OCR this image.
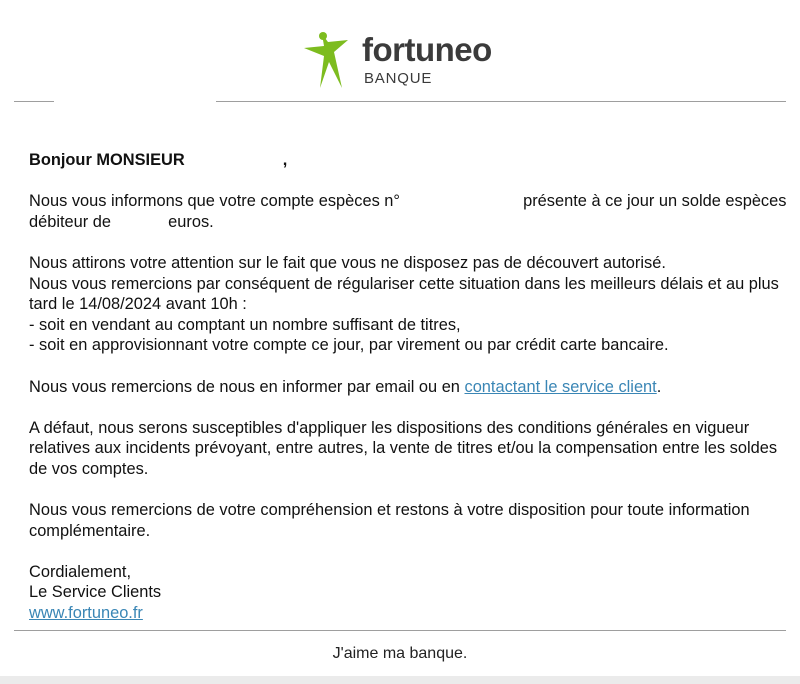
fortuneo
BANQUE

Bonjour MONSIEUR	,

Nous vous informons que votre compte espèces n°	présente à ce jour un solde espèces débiteur de	euros.

Nous attirons votre attention sur le fait que vous ne disposez pas de découvert autorisé.

Nous vous remercions par conséquent de régulariser cette situation dans les meilleurs délais et au plus tard le 14/08/2024 avant 10h :

- soit en vendant au comptant un nombre suffisant de titres,

- soit en approvisionnant votre compte ce jour, par virement ou par crédit carte bancaire.

Nous vous remercions de nous en informer par email ou en contactant le service client.

A défaut, nous serons susceptibles d'appliquer les dispositions des conditions générales en vigueur relatives aux incidents prévoyant, entre autres, la vente de titres et/ou la compensation entre les soldes de vos comptes.

Nous vous remercions de votre compréhension et restons à votre disposition pour toute information complémentaire.

Cordialement,

Le Service Clients

www.fortuneo.fr

J'aime ma banque.
